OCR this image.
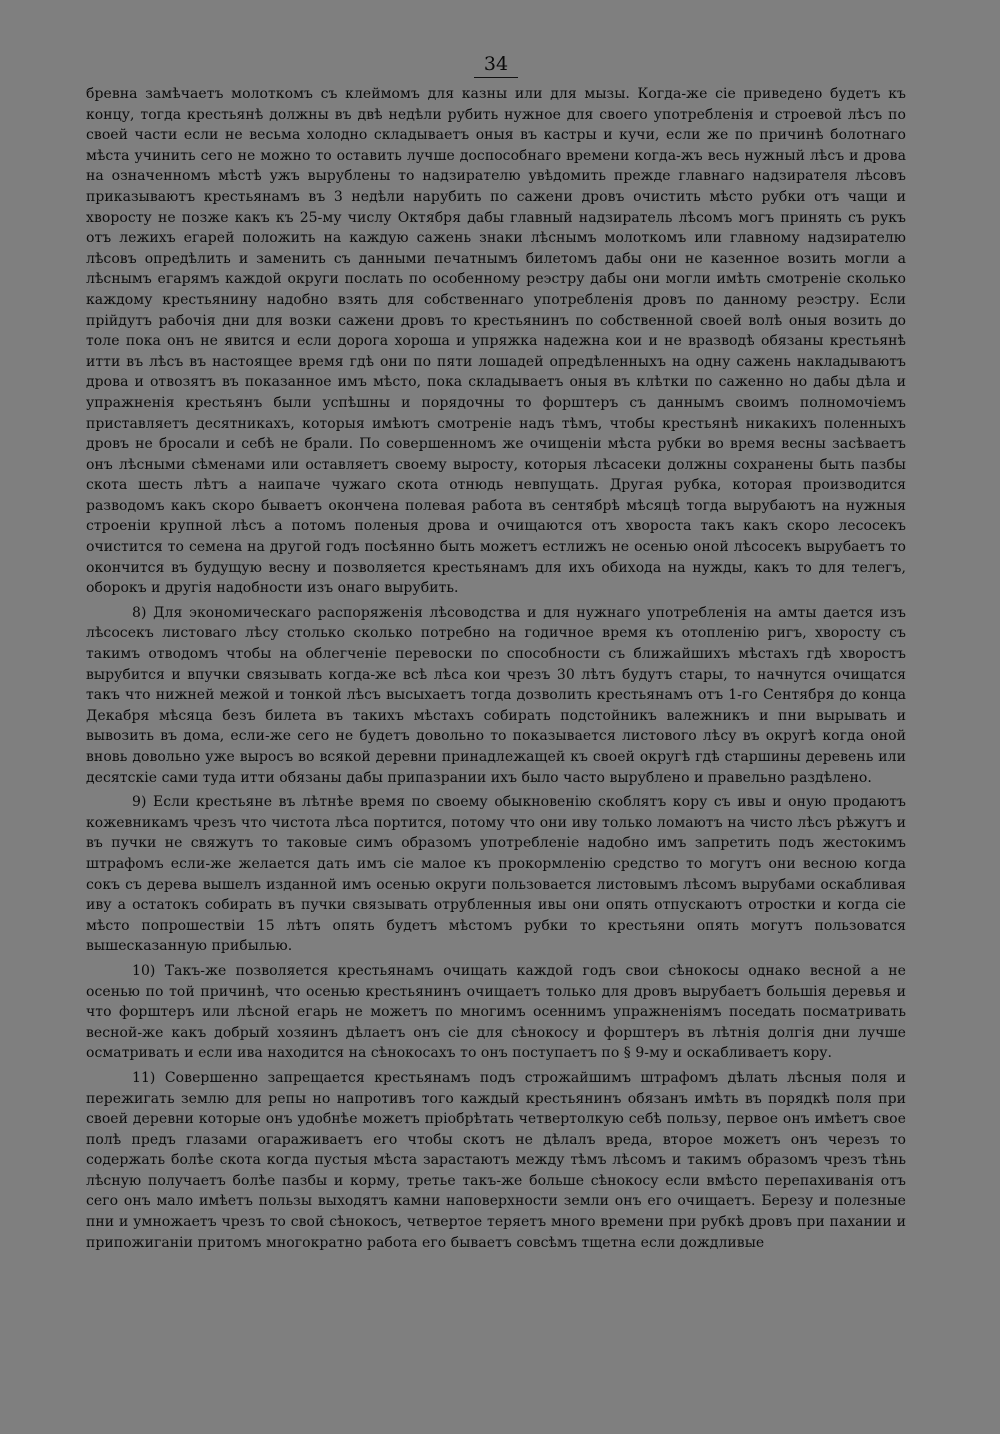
34

бревна замѣчаетъ молоткомъ съ клеймомъ для казны или для мызы. Когда-же сіе приведено будетъ къ концу, тогда крестьянѣ должны въ двѣ недѣли рубить нужное для своего употребленія и строевой лѣсъ по своей части если не весьма холодно складываетъ оныя въ кастры и кучи, если же по причинѣ болотнаго мѣста учинить сего не можно то оставить лучше доспособнаго времени когда-жъ весь нужный лѣсъ и дрова на означенномъ мѣстѣ ужъ вырублены то надзирателю увѣдомить прежде главнаго надзирателя лѣсовъ приказываютъ крестьянамъ въ 3 недѣли нарубить по сажени дровъ очистить мѣсто рубки отъ чащи и хворосту не позже какъ къ 25-му числу Октября дабы главный надзиратель лѣсомъ могъ принять съ рукъ отъ лежихъ егарей положить на каждую сажень знаки лѣснымъ молоткомъ или главному надзирателю лѣсовъ опредѣлить и заменить съ данными печатнымъ билетомъ дабы они не казенное возить могли а лѣснымъ егарямъ каждой округи послать по особенному реэстру дабы они могли имѣть смотреніе сколько каждому крестьянину надобно взять для собственнаго употребленія дровъ по данному реэстру. Если прійдутъ рабочія дни для возки сажени дровъ то крестьянинъ по собственной своей волѣ оныя возить до толе пока онъ не явится и если дорога хороша и упряжка надежна кои и не вразводѣ обязаны крестьянѣ итти въ лѣсъ въ настоящее время гдѣ они по пяти лошадей опредѣленныхъ на одну сажень накладываютъ дрова и отвозятъ въ показанное имъ мѣсто, пока складываетъ оныя въ клѣтки по саженно но дабы дѣла и упражненія крестьянъ были успѣшны и порядочны то форштеръ съ даннымъ своимъ полномочіемъ приставляетъ десятникахъ, которыя имѣютъ смотреніе надъ тѣмъ, чтобы крестьянѣ никакихъ поленныхъ дровъ не бросали и себѣ не брали. По совершенномъ же очищеніи мѣста рубки во время весны засѣваетъ онъ лѣсными сѣменами или оставляетъ своему выросту, которыя лѣсасеки должны сохранены быть пазбы скота шесть лѣтъ а наипаче чужаго скота отнюдь невпущать. Другая рубка, которая производится разводомъ какъ скоро бываетъ окончена полевая работа въ сентябрѣ мѣсяцѣ тогда вырубаютъ на нужныя строеніи крупной лѣсъ а потомъ поленыя дрова и очищаются отъ хвороста такъ какъ скоро лесосекъ очистится то семена на другой годъ посѣянно быть можетъ естлижъ не осенью оной лѣсосекъ вырубаетъ то окончится въ будущую весну и позволяется крестьянамъ для ихъ обихода на нужды, какъ то для телегъ, оборокъ и другія надобности изъ онаго вырубить.

8) Для экономическаго распоряженія лѣсоводства и для нужнаго употребленія на амты дается изъ лѣсосекъ листоваго лѣсу столько сколько потребно на годичное время къ отопленію ригъ, хворосту съ такимъ отводомъ чтобы на облегченіе перевоски по способности съ ближайшихъ мѣстахъ гдѣ хворостъ вырубится и впучки связывать когда-же всѣ лѣса кои чрезъ 30 лѣтъ будутъ стары, то начнутся очищатся такъ что нижней межой и тонкой лѣсъ высыхаетъ тогда дозволить крестьянамъ отъ 1-го Сентября до конца Декабря мѣсяца безъ билета въ такихъ мѣстахъ собирать подстойникъ валежникъ и пни вырывать и вывозить въ дома, если-же сего не будетъ довольно то показывается листового лѣсу въ округѣ когда оной вновь довольно уже выросъ во всякой деревни принадлежащей къ своей округѣ гдѣ старшины деревень или десятскіе сами туда итти обязаны дабы припазрании ихъ было часто вырублено и правельно раздѣлено.

9) Если крестьяне въ лѣтнѣе время по своему обыкновенію скоблятъ кору съ ивы и оную продаютъ кожевникамъ чрезъ что чистота лѣса портится, потому что они иву только ломаютъ на чисто лѣсъ рѣжутъ и въ пучки не свяжутъ то таковые симъ образомъ употребленіе надобно имъ запретить подъ жестокимъ штрафомъ если-же желается дать имъ сіе малое къ прокормленію средство то могутъ они весною когда сокъ съ дерева вышелъ изданной имъ осенью округи пользовается листовымъ лѣсомъ вырубами оскабливая иву а остатокъ собирать въ пучки связывать отрубленныя ивы они опять отпускаютъ отростки и когда сіе мѣсто попрошествіи 15 лѣтъ опять будетъ мѣстомъ рубки то крестьяни опять могутъ пользоватся вышесказанную прибылью.

10) Такъ-же позволяется крестьянамъ очищать каждой годъ свои сѣнокосы однако весной а не осенью по той причинѣ, что осенью крестьянинъ очищаетъ только для дровъ вырубаетъ большія деревья и что форштеръ или лѣсной егарь не можетъ по многимъ осеннимъ упражненіямъ поседать посматривать весной-же какъ добрый хозяинъ дѣлаетъ онъ сіе для сѣнокосу и форштеръ въ лѣтнія долгія дни лучше осматривать и если ива находится на сѣнокосахъ то онъ поступаетъ по § 9-му и оскабливаетъ кору.

11) Совершенно запрещается крестьянамъ подъ строжайшимъ штрафомъ дѣлать лѣсныя поля и пережигать землю для репы но напротивъ того каждый крестьянинъ обязанъ имѣть въ порядкѣ поля при своей деревни которые онъ удобнѣе можетъ пріобрѣтать четвертолкую себѣ пользу, первое онъ имѣетъ свое полѣ предъ глазами огараживаетъ его чтобы скотъ не дѣлалъ вреда, второе можетъ онъ черезъ то содержать болѣе скота когда пустыя мѣста зарастаютъ между тѣмъ лѣсомъ и такимъ образомъ чрезъ тѣнь лѣсную получаетъ болѣе пазбы и корму, третье такъ-же больше сѣнокосу если вмѣсто перепахиванія отъ сего онъ мало имѣетъ пользы выходятъ камни наповерхности земли онъ его очищаетъ. Березу и полезные пни и умножаетъ чрезъ то свой сѣнокосъ, четвертое теряетъ много времени при рубкѣ дровъ при пахании и припожиганіи притомъ многократно работа его бываетъ совсѣмъ тщетна если дождливые
